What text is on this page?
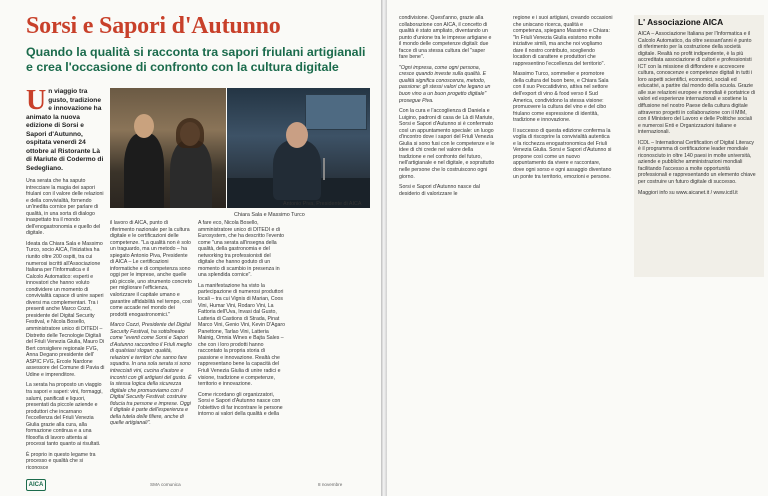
Sorsi e Sapori d'Autunno
Quando la qualità si racconta tra sapori friulani artigianali e crea l'occasione di confronto con la cultura digitale
Un viaggio tra gusto, tradizione e innovazione ha animato la nuova edizione di Sorsi e Sapori d'Autunno, ospitata venerdì 24 ottobre al Ristorante Là di Mariute di Codermo di Sedegliano.

Una serata che ha saputo intrecciare la magia dei sapori friulani con il valore delle relazioni e della convivialità, fornendo un'inedita cornice per parlare di qualità, in una sorta di dialogo inaspettato tra il mondo dell'enogastronomia e quello del digitale.

Ideata da Chiara Sala e Massimo Turco, socio AICA, l'iniziativa ha riunito oltre 200 ospiti, tra cui numerosi iscritti all'Associazione Italiana per l'Informatica e il Calcolo Automatico: esperti e innovatori che hanno voluto condividere un momento di convivialità capace di unire saperi diversi ma complementari. Tra i presenti anche Marco Cozzi, presidente del Digital Security Festival, e Nicola Bosello, amministratore unico di DITEDI – Distretto delle Tecnologie Digitali del Friuli Venezia Giulia, Mauro Di Bert consigliere regionale FVG, Anna Degano presidente dell' ASPIC FVG, Ercole Nardone assessore del Comune di Pavia di Udine e imprenditore.

La serata ha proposto un viaggio tra sapori e saperi: vini, formaggi, salumi, panificati e liquori, presentati da piccole aziende e produttori che incarnano l'eccellenza del Friuli Venezia Giulia grazie alla cura, alla formazione continua e a una filosofia di lavoro attenta ai processi tanto quanto ai risultati.

È proprio in questo legame tra processo e qualità che si riconosce

Antonio Piva, Presidente di AICA
Chiara Sala e Massimo Turco

il lavoro di AICA, punto di riferimento nazionale per la cultura digitale e le certificazioni delle competenze. "La qualità non è solo un traguardo, ma un metodo – ha spiegato Antonio Piva, Presidente di AICA – Le certificazioni informatiche e di competenza sono oggi per le imprese, anche quelle più piccole, uno strumento concreto per migliorare l'efficienza, valorizzare il capitale umano e garantire affidabilità nel tempo, così come accade nel mondo dei prodotti enogastronomici."

Marco Cozzi, Presidente del Digital Security Festival, ha sottolineato come "eventi come Sorsi e Sapori d'Autunno raccontino il Friuli meglio di qualsiasi slogan: qualità, relazioni e territori che sanno fare squadra. In una sola serata si sono intrecciati vini, cucina d'autore e incontri con gli artigiani del gusto. È la stessa logica della sicurezza digitale che promuoviamo con il Digital Security Festival: costruire fiducia tra persone e imprese. Oggi il digitale è parte dell'esperienza e della tutela delle filiere, anche di quelle artigianali".

A fare eco, Nicola Bosello, amministratore unico di DITEDI e di Eurosystem, che ha descritto l'evento come "una serata all'insegna della qualità, della gastronomia e del networking tra professionisti del digitale che hanno goduto di un momento di scambio in presenza in una splendida cornice".

La manifestazione ha visto la partecipazione di numerosi produttori locali – tra cui Vignis di Marian, Coos Vini, Humar Vini, Rodaro Vini, La Fattoria dell'Uva, Invasi dal Gusto, Latteria di Castions di Strada, Pinat Marco Vini, Genio Vini, Kevin D'Agaro Panettone, Tarlao Vini, Latteria Mainig, Omnia Wines e Bajta Sales – che con i loro prodotti hanno raccontato la propria storia di passione e innovazione. Realtà che rappresentano bene la capacità del Friuli Venezia Giulia di unire radici e visione, tradizione e competenze, territorio e innovazione.

Come ricordano gli organizzatori, Sorsi e Sapori d'Autunno nasce con l'obiettivo di far incontrare le persone intorno ai valori della qualità e della

AICA	SMA comunica	8 novembre

condivisione. Quest'anno, grazie alla collaborazione con AICA, il concetto di qualità è stato ampliato, diventando un punto d'unione tra le imprese artigiane e il mondo delle competenze digitali: due facce di una stessa cultura del "saper fare bene".

"Ogni impresa, come ogni persona, cresce quando investe sulla qualità. E qualità significa conoscenza, metodo, passione: gli stessi valori che legano un buon vino a un buon progetto digitale" prosegue Piva.

Con la cura e l'accoglienza di Daniela e Luigino, padroni di casa de Là di Mariute, Sorsi e Sapori d'Autunno si è confermato così un appuntamento speciale: un luogo d'incontro dove i sapori del Friuli Venezia Giulia si sono fusi con le competenze e le idee di chi crede nel valore della tradizione e nel confronto del futuro, nell'artigianale e nel digitale, e soprattutto nelle persone che lo costruiscono ogni giorno.

Sorsi e Sapori d'Autunno nasce dal desiderio di valorizzare le

regione e i suoi artigiani, creando occasioni che uniscano ricerca, qualità e competenza, spiegano Massimo e Chiara: "In Friuli Venezia Giulia esistono molte iniziative simili, ma anche noi vogliamo dare il nostro contributo, scegliendo location di carattere e produttori che rappresentino l'eccellenza del territorio".

Massimo Turco, sommelier e promotore della cultura del buon bere, e Chiara Sala con il suo Peccatidivino, attiva nel settore dell'export di vino & food verso il Sud America, condividono la stessa visione: promuovere la cultura del vino e del cibo friulano come espressione di identità, tradizione e innovazione.

Il successo di questa edizione conferma la voglia di riscoprire la convivialità autentica e la ricchezza enogastronomica del Friuli Venezia Giulia. Sorsi e Sapori d'Autunno si propone così come un nuovo appuntamento da vivere e raccontare, dove ogni sorso e ogni assaggio diventano un ponte tra territorio, emozioni e persone.

L' Associazione AICA

AICA – Associazione Italiana per l'Informatica e il Calcolo Automatico, da oltre sessant'anni è punto di riferimento per la costruzione della società digitale. Realtà no profit indipendente, è la più accreditata associazione di cultori e professionisti ICT con la missione di diffondere e accrescere cultura, conoscenze e competenze digitali in tutti i loro aspetti scientifici, economici, sociali ed educativi, a partire dal mondo della scuola. Grazie alle sue relazioni europee e mondiali è portatrice di valori ed esperienze internazionali e sostiene la diffusione nel nostro Paese della cultura digitale attraverso progetti in collaborazione con il MIM, con il Ministero del Lavoro e delle Politiche sociali e numerosi Enti e Organizzazioni italiane e internazionali.

ICDL – International Certification of Digital Literacy è il programma di certificazione leader mondiale riconosciuto in oltre 140 paesi in molte università, aziende e pubbliche amministrazioni mondiali facilitando l'accesso a molte opportunità professionali e rappresentando un elemento chiave per costruire un futuro digitale di successo.

Maggiori info su www.aicanet.it / www.icdl.it
